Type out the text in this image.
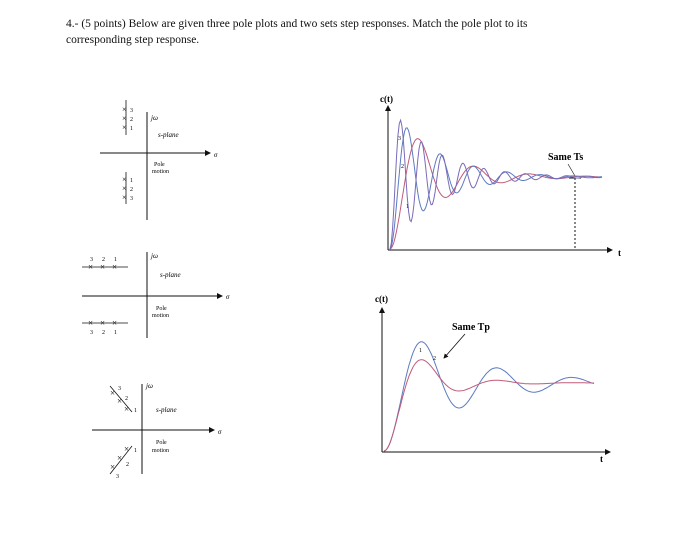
4.- (5 points) Below are given three pole plots and two sets step responses. Match the pole plot to its
corresponding step response.
×
×
×
×
×
×
3
2
1
1
2
3
jω
s-plane
σ
Pole
motion
× × ×
× × ×
3 2 1
3 2 1
jω
s-plane
σ
Pole
motion
×
×
×
×
×
×
3
2
1
1
2
3
jω
s-plane
σ
Pole
motion
c(t)
t
Same Ts
3
2
1
c(t)
t
Same Tp
1
2
